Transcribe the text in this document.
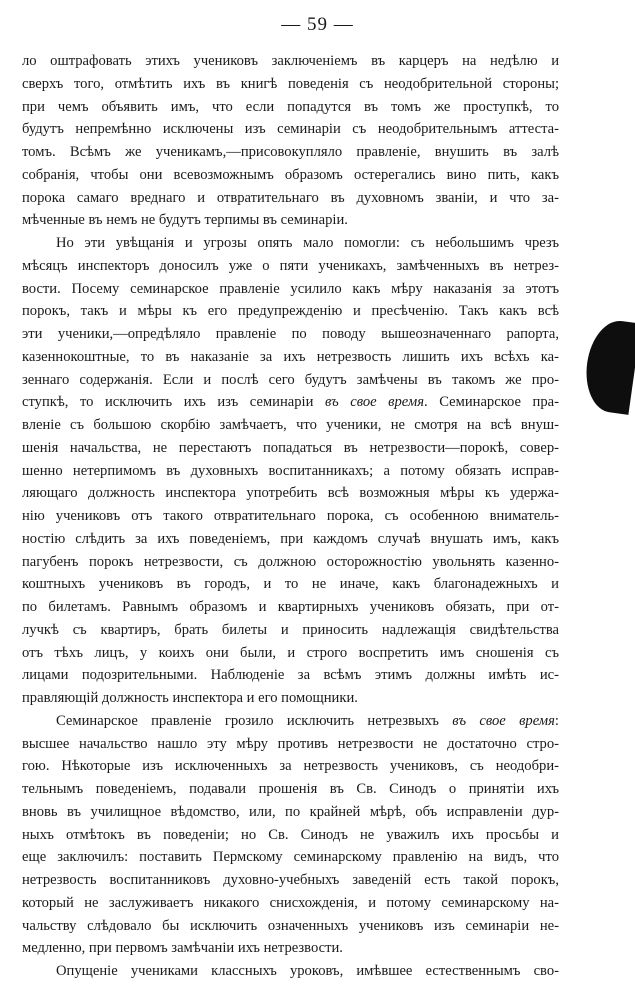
— 59 —
ло оштрафовать этихъ учениковъ заключеніемъ въ карцеръ на недѣлю и
сверхъ того, отмѣтить ихъ въ книгѣ поведенія съ неодобрительной стороны;
при чемъ объявить имъ, что если попадутся въ томъ же проступкѣ, то
будутъ непремѣнно исключены изъ семинаріи съ неодобрительнымъ аттеста-
томъ. Всѣмъ же ученикамъ,—присовокупляло правленіе, внушить въ залѣ
собранія, чтобы они всевозможнымъ образомъ остерегались вино пить, какъ
порока самаго вреднаго и отвратительнаго въ духовномъ званіи, и что за-
мѣченные въ немъ не будутъ терпимы въ семинаріи.
Но эти увѣщанія и угрозы опять мало помогли: съ небольшимъ чрезъ
мѣсяцъ инспекторъ доносилъ уже о пяти ученикахъ, замѣченныхъ въ нетрез-
вости. Посему семинарское правленіе усилило какъ мѣру наказанія за этотъ
порокъ, такъ и мѣры къ его предупрежденію и пресѣченію. Такъ какъ всѣ
эти ученики,—опредѣляло правленіе по поводу вышеозначеннаго рапорта,
казеннокоштные, то въ наказаніе за ихъ нетрезвость лишить ихъ всѣхъ ка-
зеннаго содержанія. Если и послѣ сего будутъ замѣчены въ такомъ же про-
ступкѣ, то исключить ихъ изъ семинаріи въ свое время. Семинарское пра-
вленіе съ большою скорбію замѣчаетъ, что ученики, не смотря на всѣ внуш-
шенія начальства, не перестаютъ попадаться въ нетрезвости—порокѣ, совер-
шенно нетерпимомъ въ духовныхъ воспитанникахъ; а потому обязать исправ-
ляющаго должность инспектора употребить всѣ возможныя мѣры къ удержа-
нію учениковъ отъ такого отвратительнаго порока, съ особенною вниматель-
ностію слѣдить за ихъ поведеніемъ, при каждомъ случаѣ внушать имъ, какъ
пагубенъ порокъ нетрезвости, съ должною осторожностію увольнять казенно-
коштныхъ учениковъ въ городъ, и то не иначе, какъ благонадежныхъ и
по билетамъ. Равнымъ образомъ и квартирныхъ учениковъ обязать, при от-
лучкѣ съ квартиръ, брать билеты и приносить надлежащія свидѣтельства
отъ тѣхъ лицъ, у коихъ они были, и строго воспретить имъ сношенія съ
лицами подозрительными. Наблюденіе за всѣмъ этимъ должны имѣть ис-
правляющій должность инспектора и его помощники.
Семинарское правленіе грозило исключить нетрезвыхъ въ свое время:
высшее начальство нашло эту мѣру противъ нетрезвости не достаточно стро-
гою. Нѣкоторые изъ исключенныхъ за нетрезвость учениковъ, съ неодобри-
тельнымъ поведеніемъ, подавали прошенія въ Св. Синодъ о принятіи ихъ
вновь въ училищное вѣдомство, или, по крайней мѣрѣ, объ исправленіи дур-
ныхъ отмѣтокъ въ поведеніи; но Св. Синодъ не уважилъ ихъ просьбы и
еще заключилъ: поставить Пермскому семинарскому правленію на видъ, что
нетрезвость воспитанниковъ духовно-учебныхъ заведеній есть такой порокъ,
который не заслуживаетъ никакого снисхожденія, и потому семинарскому на-
чальству слѣдовало бы исключить означенныхъ учениковъ изъ семинаріи не-
медленно, при первомъ замѣчаніи ихъ нетрезвости.
Опущеніе учениками классныхъ уроковъ, имѣвшее естественнымъ сво-
